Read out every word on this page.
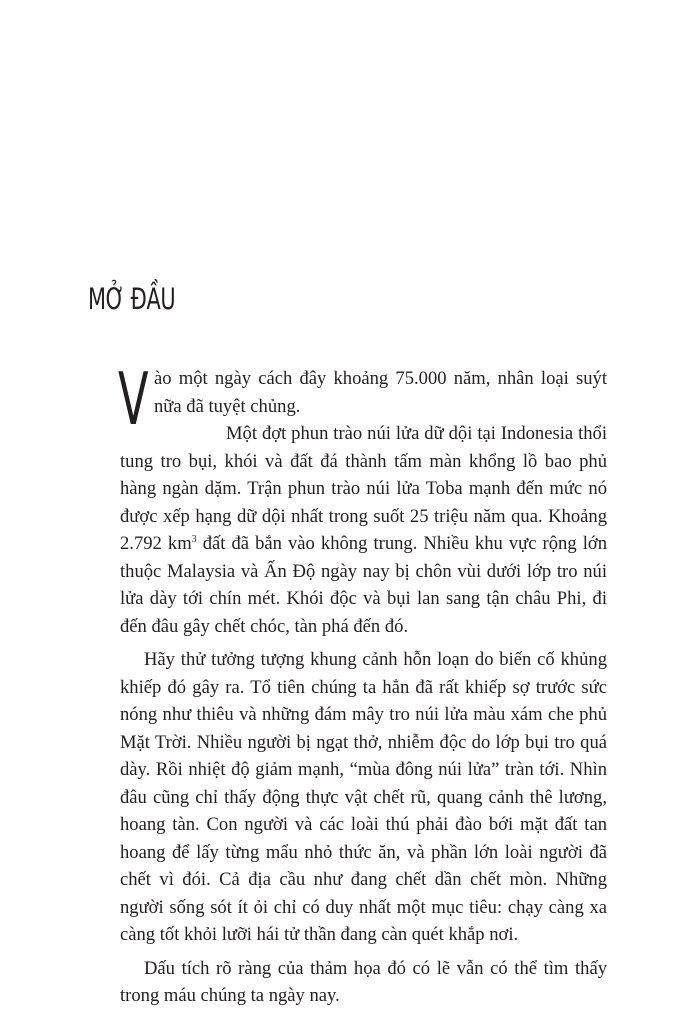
MỞ ĐẦU

Vào một ngày cách đây khoảng 75.000 năm, nhân loại suýt nữa đã tuyệt chủng.

Một đợt phun trào núi lửa dữ dội tại Indonesia thổi tung tro bụi, khói và đất đá thành tấm màn khổng lồ bao phủ hàng ngàn dặm. Trận phun trào núi lửa Toba mạnh đến mức nó được xếp hạng dữ dội nhất trong suốt 25 triệu năm qua. Khoảng 2.792 $km^3$ đất đã bắn vào không trung. Nhiều khu vực rộng lớn thuộc Malaysia và Ấn Độ ngày nay bị chôn vùi dưới lớp tro núi lửa dày tới chín mét. Khói độc và bụi lan sang tận châu Phi, đi đến đâu gây chết chóc, tàn phá đến đó.

Hãy thử tưởng tượng khung cảnh hỗn loạn do biến cố khủng khiếp đó gây ra. Tổ tiên chúng ta hẳn đã rất khiếp sợ trước sức nóng như thiêu và những đám mây tro núi lửa màu xám che phủ Mặt Trời. Nhiều người bị ngạt thở, nhiễm độc do lớp bụi tro quá dày. Rồi nhiệt độ giảm mạnh, “mùa đông núi lửa” tràn tới. Nhìn đâu cũng chỉ thấy động thực vật chết rũ, quang cảnh thê lương, hoang tàn. Con người và các loài thú phải đào bới mặt đất tan hoang để lấy từng mẩu nhỏ thức ăn, và phần lớn loài người đã chết vì đói. Cả địa cầu như đang chết dần chết mòn. Những người sống sót ít ỏi chỉ có duy nhất một mục tiêu: chạy càng xa càng tốt khỏi lưỡi hái tử thần đang càn quét khắp nơi.

Dấu tích rõ ràng của thảm họa đó có lẽ vẫn có thể tìm thấy trong máu chúng ta ngày nay.
